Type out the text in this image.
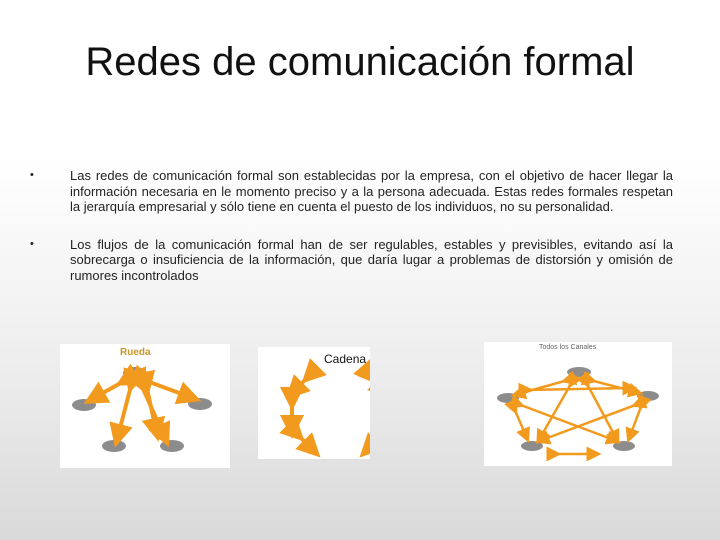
Redes de comunicación formal
•	Las redes de comunicación formal son establecidas por la empresa, con el objetivo de hacer llegar la información necesaria en le momento preciso y a la persona adecuada. Estas redes formales respetan la jerarquía empresarial y sólo tiene en cuenta el puesto de los individuos, no su personalidad.
•	Los flujos de la comunicación formal han de ser regulables, estables y previsibles, evitando así la sobrecarga o insuficiencia de la información, que daría lugar a problemas de distorsión y omisión de rumores incontrolados
Rueda	Cadena
Todos los Canales
